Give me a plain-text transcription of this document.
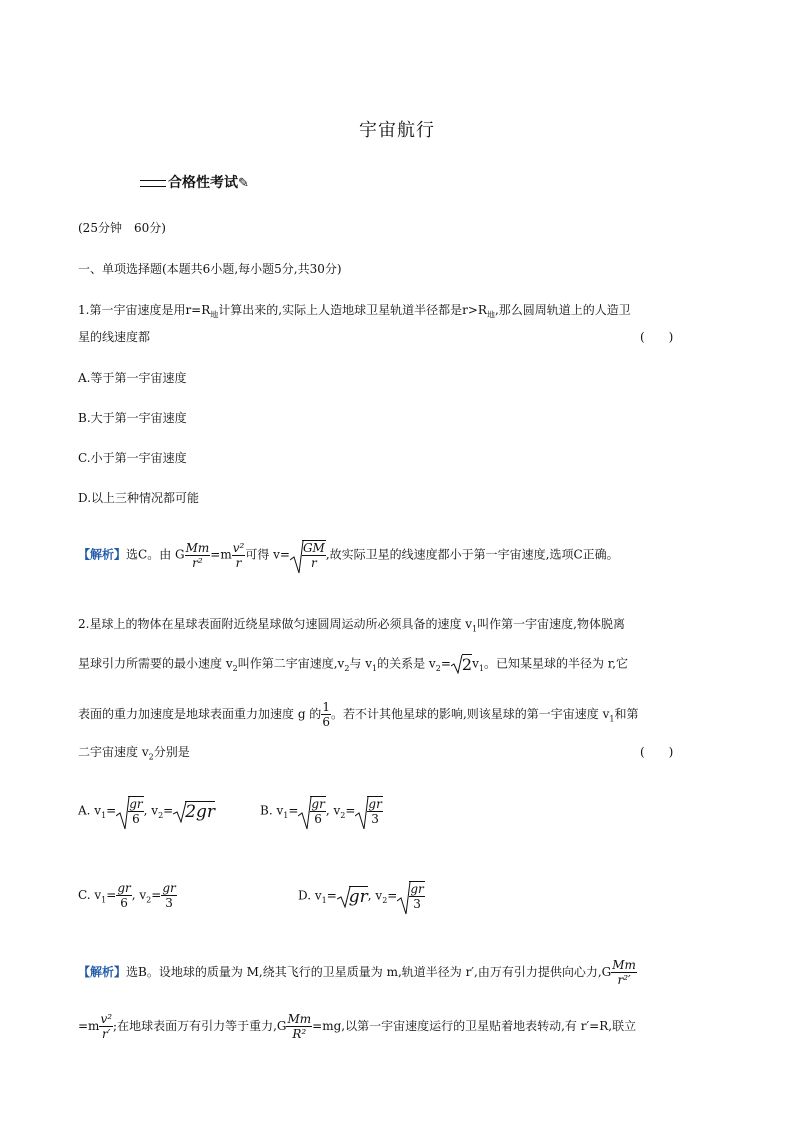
宇宙航行
合格性考试✎
(25分钟　60分)
一、单项选择题(本题共6小题,每小题5分,共30分)
1.第一宇宙速度是用$r=R_地$计算出来的,实际上人造地球卫星轨道半径都是$r>R_地$,那么圆周轨道上的人造卫
星的线速度都	(　　)
A.等于第一宇宙速度
B.大于第一宇宙速度
C.小于第一宇宙速度
D.以上三种情况都可能
【解析】选C。由 G $\frac{Mm}{\text{r²}} =m \frac{\text{v²}}{r}$ 可得 $v= \frac{GM}{r}$ ,故实际卫星的线速度都小于第一宇宙速度,选项C正确。
2.星球上的物体在星球表面附近绕星球做匀速圆周运动所必须具备的速度 $v_1$叫作第一宇宙速度,物体脱离
星球引力所需要的最小速度 $v_2$叫作第二宇宙速度$,v_2$与 $v_1$的关系是 $v_2= 2v_1$。已知某星球的半径为 r,它
表面的重力加速度是地球表面重力加速度 g 的 $\frac{1}{6}$ 。若不计其他星球的影响,则该星球的第一宇宙速度 $v_1$和第
二宇宙速度 $v_2$分别是	(　　)
A. $v_1= \frac{gr}{6}$ , $v_2= 2gr$	B. $v_1= \frac{gr}{6}$ , $v_2= \frac{gr}{3}$
C. $v_1= \frac{gr}{6}$ , $v_2= \frac{gr}{3}$	D. $v_1=$ gr, $v_2= \frac{gr}{3}$
【解析】选B。设地球的质量为 M,绕其飞行的卫星质量为 m,轨道半径为 r′,由万有引力提供向心力$,G \frac{Mm}{\text{r²′}}$
$=m \frac{\text{v²}}{r'}$ ;在地球表面万有引力等于重力$,G \frac{Mm}{\text{R²}} =mg$,以第一宇宙速度运行的卫星贴着地表转动,有 r′=R,联立
